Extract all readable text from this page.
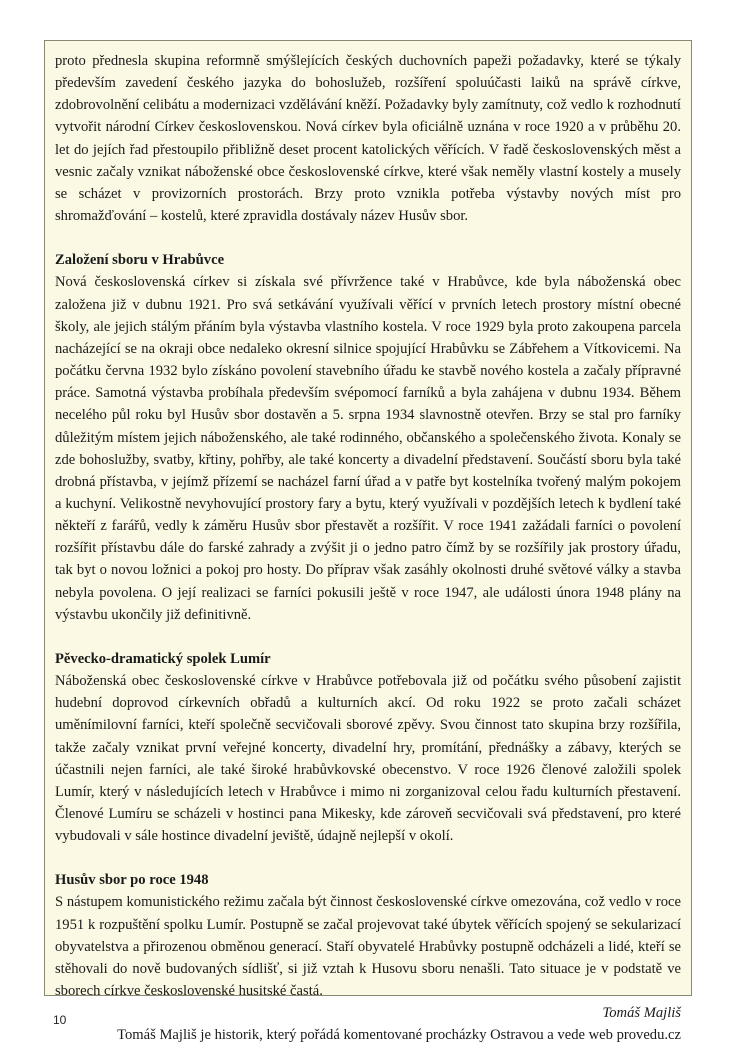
proto přednesla skupina reformně smýšlejících českých duchovních papeži požadavky, které se týkaly především zavedení českého jazyka do bohoslužeb, rozšíření spoluúčasti laiků na správě církve, zdobrovolnění celibátu a modernizaci vzdělávání kněží. Požadavky byly zamítnuty, což vedlo k rozhodnutí vytvořit národní Církev československou. Nová církev byla oficiálně uznána v roce 1920 a v průběhu 20. let do jejích řad přestoupilo přibližně deset procent katolických věřících. V řadě československých měst a vesnic začaly vznikat náboženské obce československé církve, které však neměly vlastní kostely a musely se scházet v provizorních prostorách. Brzy proto vznikla potřeba výstavby nových míst pro shromažďování – kostelů, které zpravidla dostávaly název Husův sbor.

Založení sboru v Hrabůvce

Nová československá církev si získala své přívržence také v Hrabůvce, kde byla náboženská obec založena již v dubnu 1921. Pro svá setkávání využívali věřící v prvních letech prostory místní obecné školy, ale jejich stálým přáním byla výstavba vlastního kostela. V roce 1929 byla proto zakoupena parcela nacházející se na okraji obce nedaleko okresní silnice spojující Hrabůvku se Zábřehem a Vítkovicemi. Na počátku června 1932 bylo získáno povolení stavebního úřadu ke stavbě nového kostela a začaly přípravné práce. Samotná výstavba probíhala především svépomocí farníků a byla zahájena v dubnu 1934. Během necelého půl roku byl Husův sbor dostavěn a 5. srpna 1934 slavnostně otevřen. Brzy se stal pro farníky důležitým místem jejich náboženského, ale také rodinného, občanského a společenského života. Konaly se zde bohoslužby, svatby, křtiny, pohřby, ale také koncerty a divadelní představení. Součástí sboru byla také drobná přístavba, v jejímž přízemí se nacházel farní úřad a v patře byt kostelníka tvořený malým pokojem a kuchyní. Velikostně nevyhovující prostory fary a bytu, který využívali v pozdějších letech k bydlení také někteří z farářů, vedly k záměru Husův sbor přestavět a rozšířit. V roce 1941 zažádali farníci o povolení rozšířit přístavbu dále do farské zahrady a zvýšit ji o jedno patro čímž by se rozšířily jak prostory úřadu, tak byt o novou ložnici a pokoj pro hosty. Do příprav však zasáhly okolnosti druhé světové války a stavba nebyla povolena. O její realizaci se farníci pokusili ještě v roce 1947, ale události února 1948 plány na výstavbu ukončily již definitivně.

Pěvecko-dramatický spolek Lumír

Náboženská obec československé církve v Hrabůvce potřebovala již od počátku svého působení zajistit hudební doprovod církevních obřadů a kulturních akcí. Od roku 1922 se proto začali scházet uměnímilovní farníci, kteří společně secvičovali sborové zpěvy. Svou činnost tato skupina brzy rozšířila, takže začaly vznikat první veřejné koncerty, divadelní hry, promítání, přednášky a zábavy, kterých se účastnili nejen farníci, ale také široké hrabůvkovské obecenstvo. V roce 1926 členové založili spolek Lumír, který v následujících letech v Hrabůvce i mimo ni zorganizoval celou řadu kulturních přestavení. Členové Lumíru se scházeli v hostinci pana Mikesky, kde zároveň secvičovali svá představení, pro které vybudovali v sále hostince divadelní jeviště, údajně nejlepší v okolí.

Husův sbor po roce 1948

S nástupem komunistického režimu začala být činnost československé církve omezována, což vedlo v roce 1951 k rozpuštění spolku Lumír. Postupně se začal projevovat také úbytek věřících spojený se sekularizací obyvatelstva a přirozenou obměnou generací. Staří obyvatelé Hrabůvky postupně odcházeli a lidé, kteří se stěhovali do nově budovaných sídlišť, si již vztah k Husovu sboru nenašli. Tato situace je v podstatě ve sborech církve československé husitské častá.

Tomáš Majliš

Tomáš Majliš je historik, který pořádá komentované procházky Ostravou a vede web provedu.cz

10
